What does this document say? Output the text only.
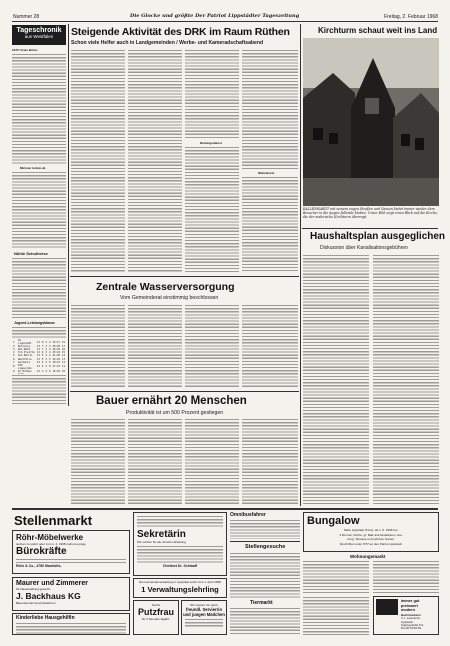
Nummer 28	Die Glocke und größte Der Patriot Lippstädter Tageszeitung	Freitag, 2. Februar 1968
Tageschronik
aus Westfalen
1970: Kreis Brilon
Minister lehnte ab
Nöhle Schultreise
Jugend-Leistungsklasse
1	SV Lippstadt	13	8	3	2	34:17	19
2	Borussia	13	7	3	3	30:20	17
3	Rot-Weiß	13	7	2	4	26:19	16
4	TuS Erwitte	13	6	3	4	25:22	15
5	SuS Bad W.	13	5	4	4	21:20	14
6	Westfalia	13	5	3	5	22:24	13
7	Germania	13	4	4	5	18:21	12
8	DJK Lipperode	13	4	3	6	17:23	11
9	SC Rüthen	13	3	4	6	16:25	10

Steigende Aktivität des DRK im Raum Rüthen
Schon viele Helfer auch in Landgemeinden / Werbe- und Kameradschaftsabend
Rettungsdienst
Wehrdienst
Zentrale Wasserversorgung
Vom Gemeinderat einstimmig beschlossen
Bauer ernährt 20 Menschen
Produktivität ist um 500 Prozent gestiegen
Kirchturm schaut weit ins Land
KALLENHARDT mit seinem engen Straßen und Gassen bietet immer wieder dem Besucher in die Augen fallende Motive. Unser Bild zeigt einen Blick auf die Kirche, die der malerische Kirchturm überragt.
Haushaltsplan ausgeglichen
Diskussion über Kanalisationsgebühren
Stellenmarkt
Röhr-Möbelwerke
suchen zu sofort oder zum 1. 4. 1968 mehrere junge
Bürokräfte
Röhr & Co., 4780 Manhütte,
Maurer und Zimmerer
für Dauerstellung gesucht.
J. Backhaus KG
Bauunternehmung Paderborn
Kinderliebe Hausgehilfin
Sekretärin
Wir suchen für die ohnehin Abteilung
Chefarzt Dr. Schlaaff
Die Gemeindeverwaltung in Lippstadt sucht zum 1. April 1968
1 Verwaltungslehrling
Suche
Putzfrau
für 2 Stunden täglich.
Wir suchen für sofort
freundl. Servierrin und jungen Mädchen
Omnibusfahrer
Stellengesuche
Tiermarkt
Bungalow
Nahe Lippstadt (5 km), ab 1. 5. 1968 frei.
3 Zimmer, Küche, gr. Bad und Abstellraum, Hei-
zung, Terrasse und schöner Garten.
Zuschriften unter 8 57 an den Patriot Lippstadt.
Wohnungsmarkt
immer gut
preiswert
modern
Buchdruckerei
C.J. Laumanns,
Lippstadt,
Kolpingstraße 5-9,
Ruf 30 51/52-53
